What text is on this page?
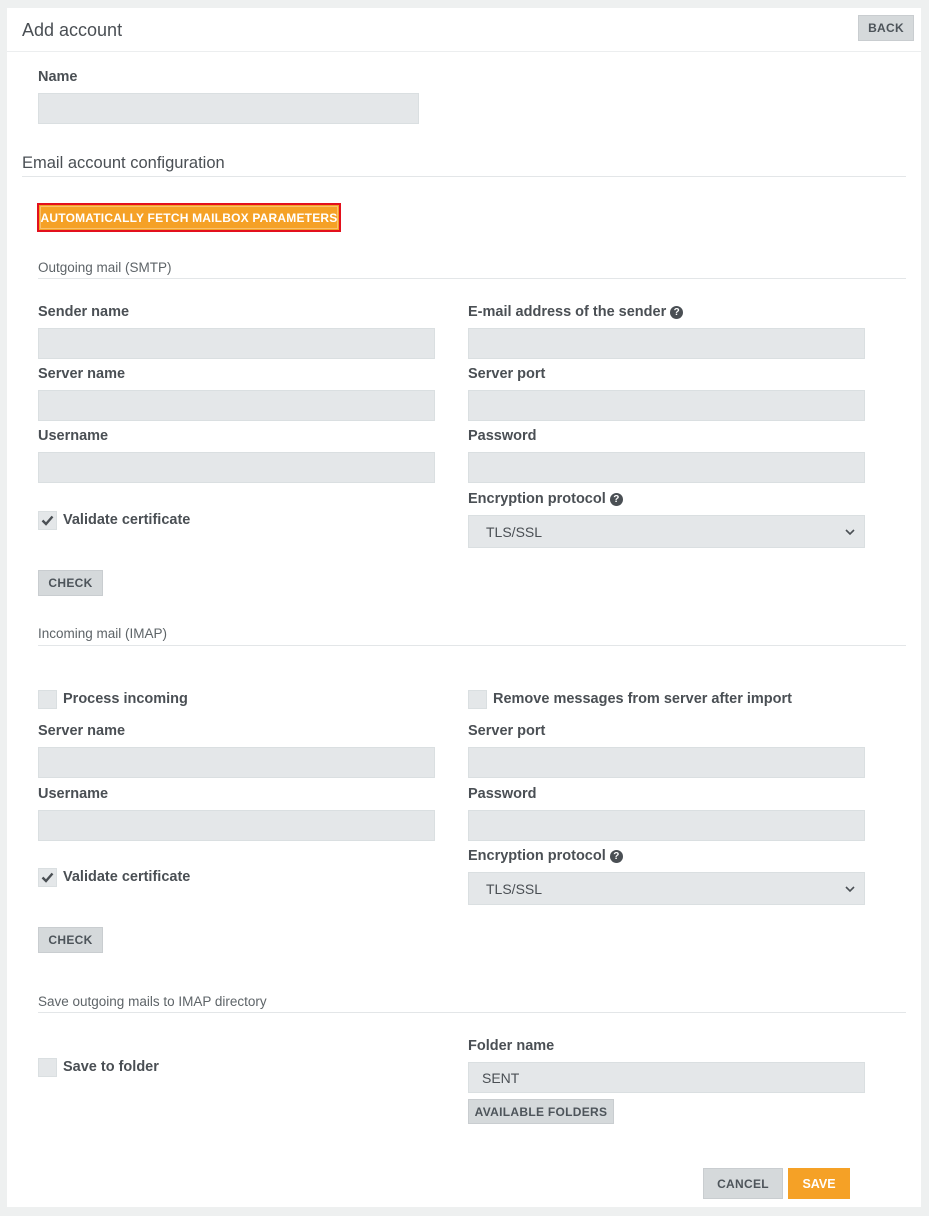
Add account	BACK
Name
Email account configuration
AUTOMATICALLY FETCH MAILBOX PARAMETERS
Outgoing mail (SMTP)
Sender name	E-mail address of the sender ?
Server name	Server port
Username	Password
Encryption protocol ?
TLS/SSL
Validate certificate
CHECK
Incoming mail (IMAP)
Process incoming	Remove messages from server after import
Server name	Server port
Username	Password
Encryption protocol ?
TLS/SSL
Validate certificate
CHECK
Save outgoing mails to IMAP directory
Save to folder
Folder name
SENT
AVAILABLE FOLDERS
CANCEL	SAVE
